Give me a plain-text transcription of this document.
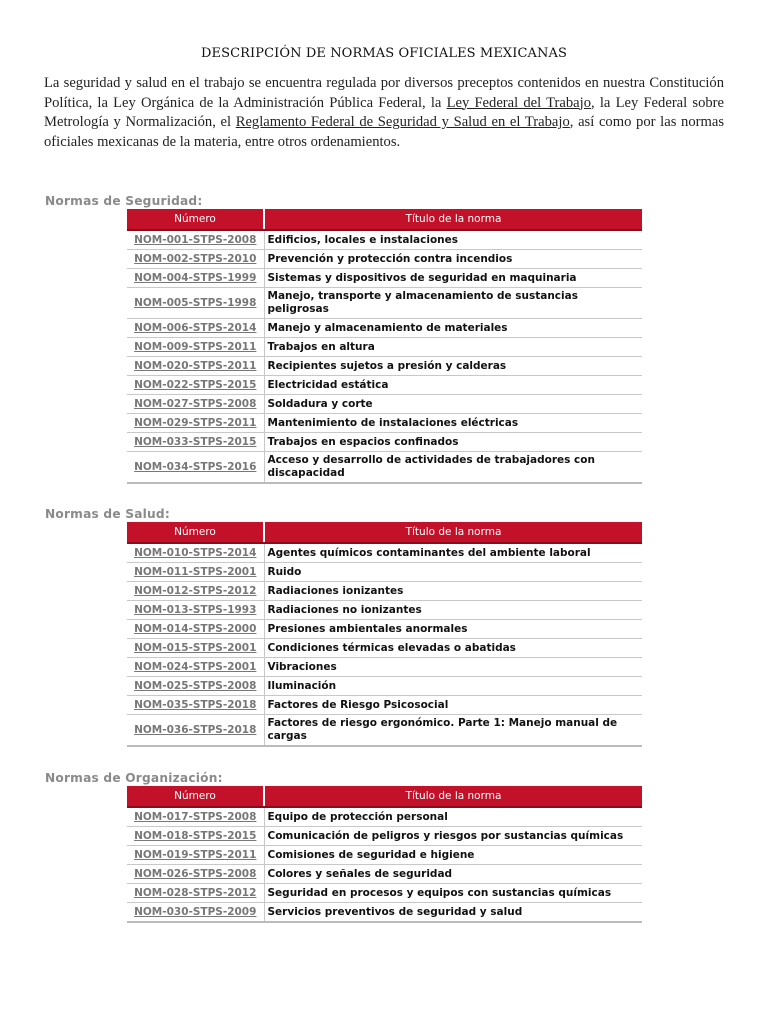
DESCRIPCIÓN DE NORMAS OFICIALES MEXICANAS
La seguridad y salud en el trabajo se encuentra regulada por diversos preceptos contenidos en nuestra Constitución Política, la Ley Orgánica de la Administración Pública Federal, la Ley Federal del Trabajo, la Ley Federal sobre Metrología y Normalización, el Reglamento Federal de Seguridad y Salud en el Trabajo, así como por las normas oficiales mexicanas de la materia, entre otros ordenamientos.
Normas de Seguridad:
Número	Título de la norma
NOM-001-STPS-2008	Edificios, locales e instalaciones
NOM-002-STPS-2010	Prevención y protección contra incendios
NOM-004-STPS-1999	Sistemas y dispositivos de seguridad en maquinaria
NOM-005-STPS-1998	Manejo, transporte y almacenamiento de sustancias peligrosas
NOM-006-STPS-2014	Manejo y almacenamiento de materiales
NOM-009-STPS-2011	Trabajos en altura
NOM-020-STPS-2011	Recipientes sujetos a presión y calderas
NOM-022-STPS-2015	Electricidad estática
NOM-027-STPS-2008	Soldadura y corte
NOM-029-STPS-2011	Mantenimiento de instalaciones eléctricas
NOM-033-STPS-2015	Trabajos en espacios confinados
NOM-034-STPS-2016	Acceso y desarrollo de actividades de trabajadores con discapacidad
Normas de Salud:
Número	Título de la norma
NOM-010-STPS-2014	Agentes químicos contaminantes del ambiente laboral
NOM-011-STPS-2001	Ruido
NOM-012-STPS-2012	Radiaciones ionizantes
NOM-013-STPS-1993	Radiaciones no ionizantes
NOM-014-STPS-2000	Presiones ambientales anormales
NOM-015-STPS-2001	Condiciones térmicas elevadas o abatidas
NOM-024-STPS-2001	Vibraciones
NOM-025-STPS-2008	Iluminación
NOM-035-STPS-2018	Factores de Riesgo Psicosocial
NOM-036-STPS-2018	Factores de riesgo ergonómico. Parte 1: Manejo manual de cargas
Normas de Organización:
Número	Título de la norma
NOM-017-STPS-2008	Equipo de protección personal
NOM-018-STPS-2015	Comunicación de peligros y riesgos por sustancias químicas
NOM-019-STPS-2011	Comisiones de seguridad e higiene
NOM-026-STPS-2008	Colores y señales de seguridad
NOM-028-STPS-2012	Seguridad en procesos y equipos con sustancias químicas
NOM-030-STPS-2009	Servicios preventivos de seguridad y salud
